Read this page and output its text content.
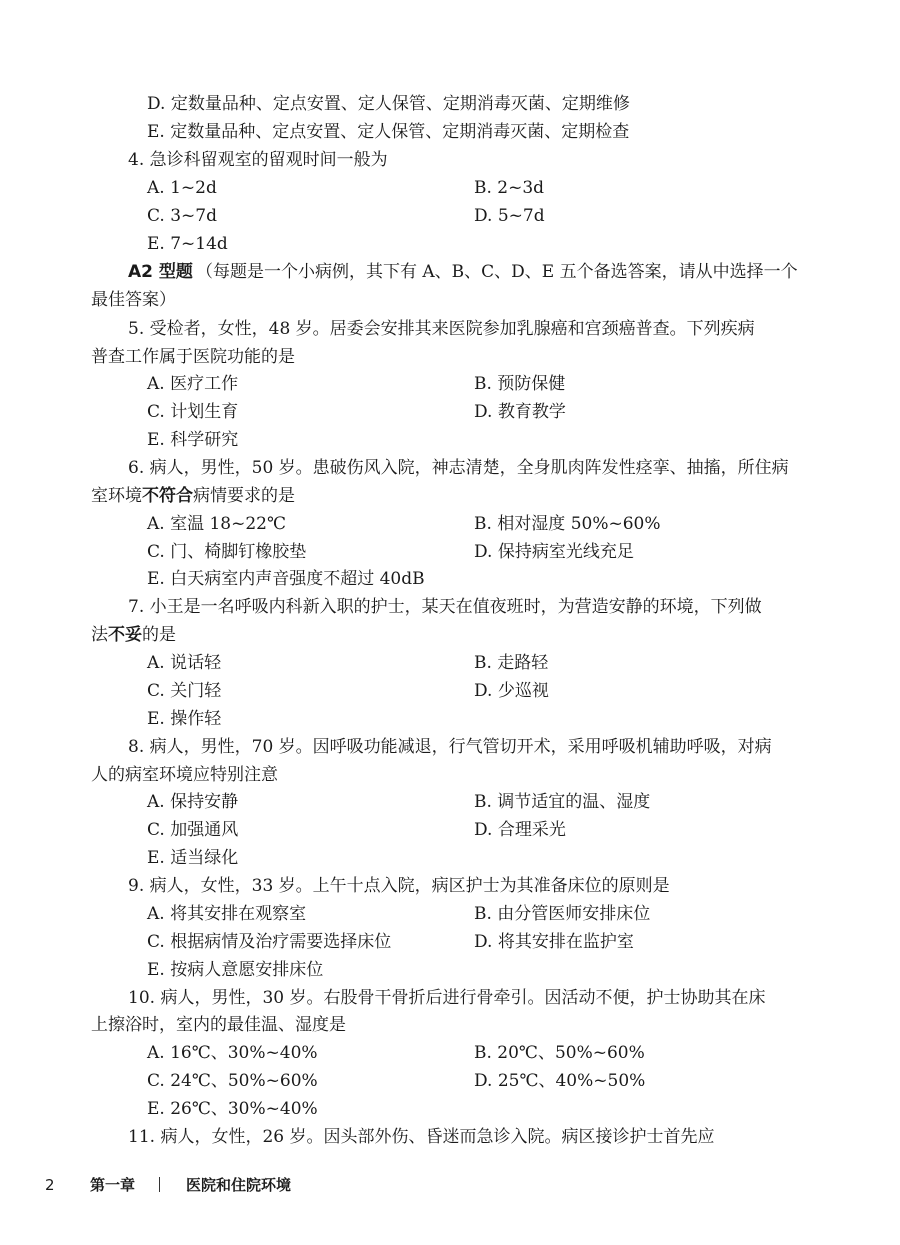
D. 定数量品种、定点安置、定人保管、定期消毒灭菌、定期维修
E. 定数量品种、定点安置、定人保管、定期消毒灭菌、定期检查
4. 急诊科留观室的留观时间一般为
A. 1~2d	B. 2~3d
C. 3~7d	D. 5~7d
E. 7~14d
A2 型题 （每题是一个小病例，其下有 A、B、C、D、E 五个备选答案，请从中选择一个
最佳答案）
5. 受检者，女性，48 岁。居委会安排其来医院参加乳腺癌和宫颈癌普查。下列疾病
普查工作属于医院功能的是
A. 医疗工作	B. 预防保健
C. 计划生育	D. 教育教学
E. 科学研究
6. 病人，男性，50 岁。患破伤风入院，神志清楚，全身肌肉阵发性痉挛、抽搐，所住病
室环境不符合病情要求的是
A. 室温 18~22℃	B. 相对湿度 50%~60%
C. 门、椅脚钉橡胶垫	D. 保持病室光线充足
E. 白天病室内声音强度不超过 40dB
7. 小王是一名呼吸内科新入职的护士，某天在值夜班时，为营造安静的环境，下列做
法不妥的是
A. 说话轻	B. 走路轻
C. 关门轻	D. 少巡视
E. 操作轻
8. 病人，男性，70 岁。因呼吸功能减退，行气管切开术，采用呼吸机辅助呼吸，对病
人的病室环境应特别注意
A. 保持安静	B. 调节适宜的温、湿度
C. 加强通风	D. 合理采光
E. 适当绿化
9. 病人，女性，33 岁。上午十点入院，病区护士为其准备床位的原则是
A. 将其安排在观察室	B. 由分管医师安排床位
C. 根据病情及治疗需要选择床位	D. 将其安排在监护室
E. 按病人意愿安排床位
10. 病人，男性，30 岁。右股骨干骨折后进行骨牵引。因活动不便，护士协助其在床
上擦浴时，室内的最佳温、湿度是
A. 16℃、30%~40%	B. 20℃、50%~60%
C. 24℃、50%~60%	D. 25℃、40%~50%
E. 26℃、30%~40%
11. 病人，女性，26 岁。因头部外伤、昏迷而急诊入院。病区接诊护士首先应
2 第一章	医院和住院环境
